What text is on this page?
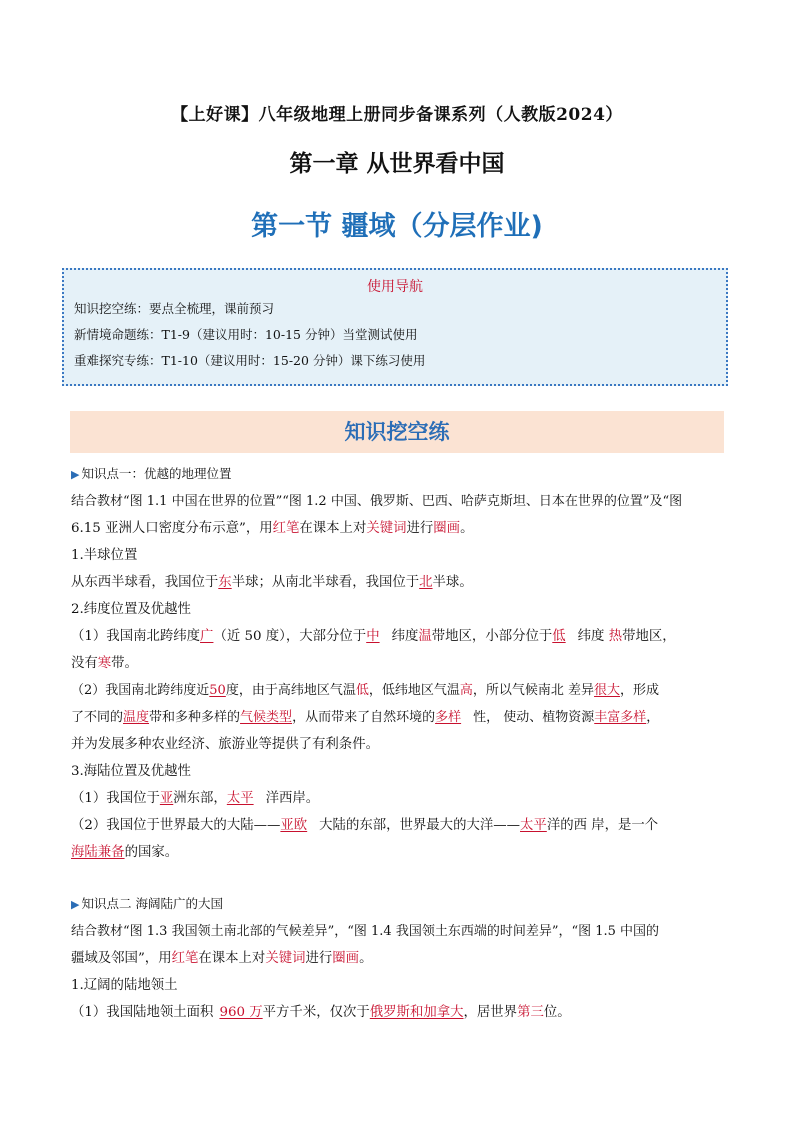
【上好课】八年级地理上册同步备课系列（人教版2024）
第一章 从世界看中国
第一节 疆域（分层作业)
使用导航
知识挖空练：要点全梳理，课前预习
新情境命题练：T1-9（建议用时：10-15 分钟）当堂测试使用
重难探究专练：T1-10（建议用时：15-20 分钟）课下练习使用
知识挖空练

▶ 知识点一：优越的地理位置

结合教材“图 1.1 中国在世界的位置”“图 1.2 中国、俄罗斯、巴西、哈萨克斯坦、日本在世界的位置”及“图

6.15 亚洲人口密度分布示意”，用红笔在课本上对关键词进行圈画。

1.半球位置

从东西半球看，我国位于东半球；从南北半球看，我国位于北半球。

2.纬度位置及优越性

（1）我国南北跨纬度广（近 50 度），大部分位于中 纬度温带地区，小部分位于低 纬度 热带地区，

没有寒带。

（2）我国南北跨纬度近50度，由于高纬地区气温低，低纬地区气温高，所以气候南北 差异很大，形成

了不同的温度带和多种多样的气候类型，从而带来了自然环境的多样 性， 使动、植物资源丰富多样，

并为发展多种农业经济、旅游业等提供了有利条件。

3.海陆位置及优越性

（1）我国位于亚洲东部，太平 洋西岸。

（2）我国位于世界最大的大陆——亚欧 大陆的东部，世界最大的大洋——太平洋的西 岸，是一个

海陆兼备的国家。

▶ 知识点二 海阔陆广的大国

结合教材“图 1.3 我国领土南北部的气候差异”，“图 1.4 我国领土东西端的时间差异”，“图 1.5 中国的

疆域及邻国”，用红笔在课本上对关键词进行圈画。

1.辽阔的陆地领土

（1）我国陆地领土面积 960 万平方千米，仅次于俄罗斯和加拿大，居世界第三位。
